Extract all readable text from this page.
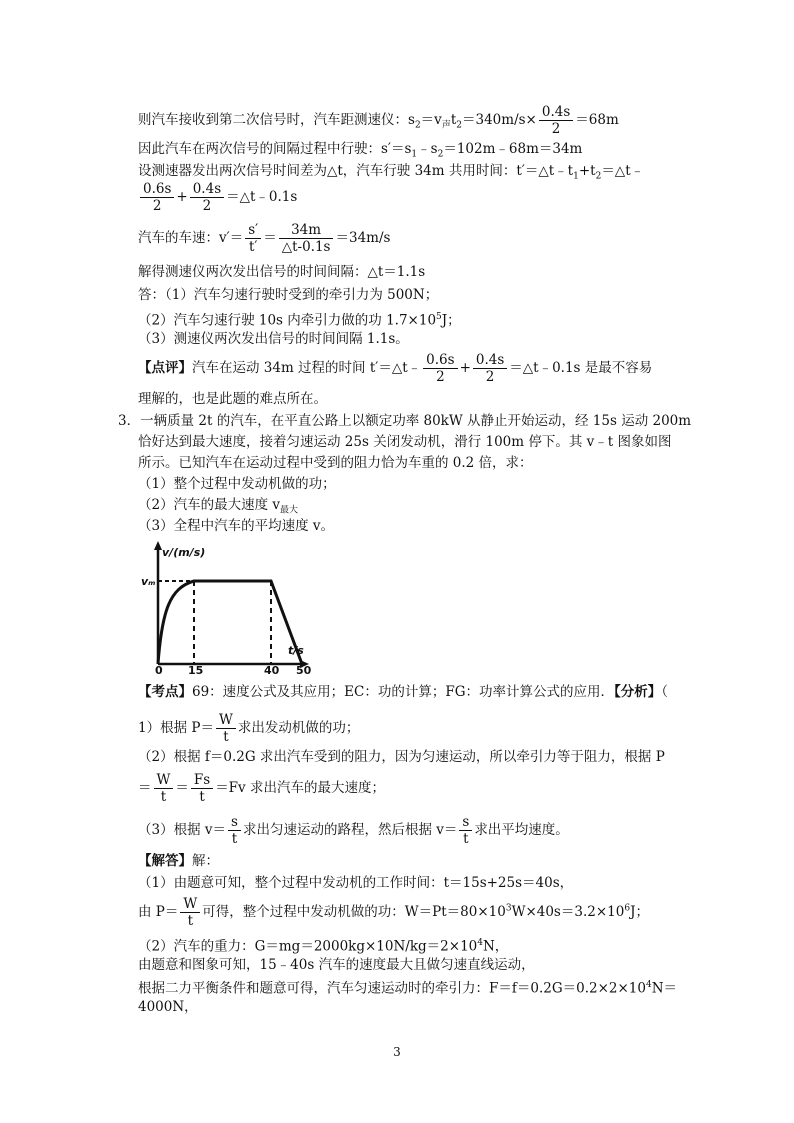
则汽车接收到第二次信号时，汽车距测速仪：$s_2=v_声t_2=340m/s\times \frac{0.4s}{2} =68m$
因此汽车在两次信号的间隔过程中行驶：$s'=s_1﹣s_2=102m﹣68m=34m$
设测速器发出两次信号时间差为△t，汽车行驶 34m 共用时间：$t'=\triangle t﹣t_1+t_2=\triangle t﹣$
$\frac{0.6s}{2} + \frac{0.4s}{2}$ ＝△t﹣0.1s
汽车的车速：$v'= \frac{s'}{t'} = \frac{34m}{\triangle t-0.1s} =34m/s$
解得测速仪两次发出信号的时间间隔：△t＝1.1s
答：（1）汽车匀速行驶时受到的牵引力为 500N；
（2）汽车匀速行驶 10s 内牵引力做的功 $1.7\times 10^5J$；
（3）测速仪两次发出信号的时间间隔 1.1s。
【点评】汽车在运动 34m 过程的时间 t′＝△t﹣ $\frac{0.6s}{2} + \frac{0.4s}{2}$ ＝△t﹣0.1s 是最不容易
理解的，也是此题的难点所在。
3．一辆质量 2t 的汽车，在平直公路上以额定功率 80kW 从静止开始运动，经 15s 运动 200m
恰好达到最大速度，接着匀速运动 25s 关闭发动机，滑行 100m 停下。其 v﹣t 图象如图
所示。已知汽车在运动过程中受到的阻力恰为车重的 0.2 倍，求：
（1）整个过程中发动机做的功；
（2）汽车的最大速度 $v_{最大}$
（3）全程中汽车的平均速度 v。
v/(m/s)
vₘ
t/s
0 15	40 50
【考点】69：速度公式及其应用；EC：功的计算；FG：功率计算公式的应用．【分析】（
1）根据 $P= \frac{W}{t}$ 求出发动机做的功；
（2）根据 f＝0.2G 求出汽车受到的阻力，因为匀速运动，所以牵引力等于阻力，根据 P
＝ $\frac{W}{t} = \frac{Fs}{t} =Fv$ 求出汽车的最大速度；
（3）根据 $v= \frac{s}{t}$ 求出匀速运动的路程，然后根据 $v= \frac{s}{t}$ 求出平均速度。
【解答】解：
（1）由题意可知，整个过程中发动机的工作时间：t＝15s+25s＝40s，
由 $P= \frac{W}{t}$ 可得，整个过程中发动机做的功：$W=Pt=80\times 10^3W\times 40s=3.2\times 10^6J$；
（2）汽车的重力：$G=mg=2000kg\times 10N/kg=2\times 10^4N$，
由题意和图象可知，15﹣40s 汽车的速度最大且做匀速直线运动，
根据二力平衡条件和题意可得，汽车匀速运动时的牵引力：$F=f=0.2G=0.2\times 2\times 10^4N=$
4000N，
3
